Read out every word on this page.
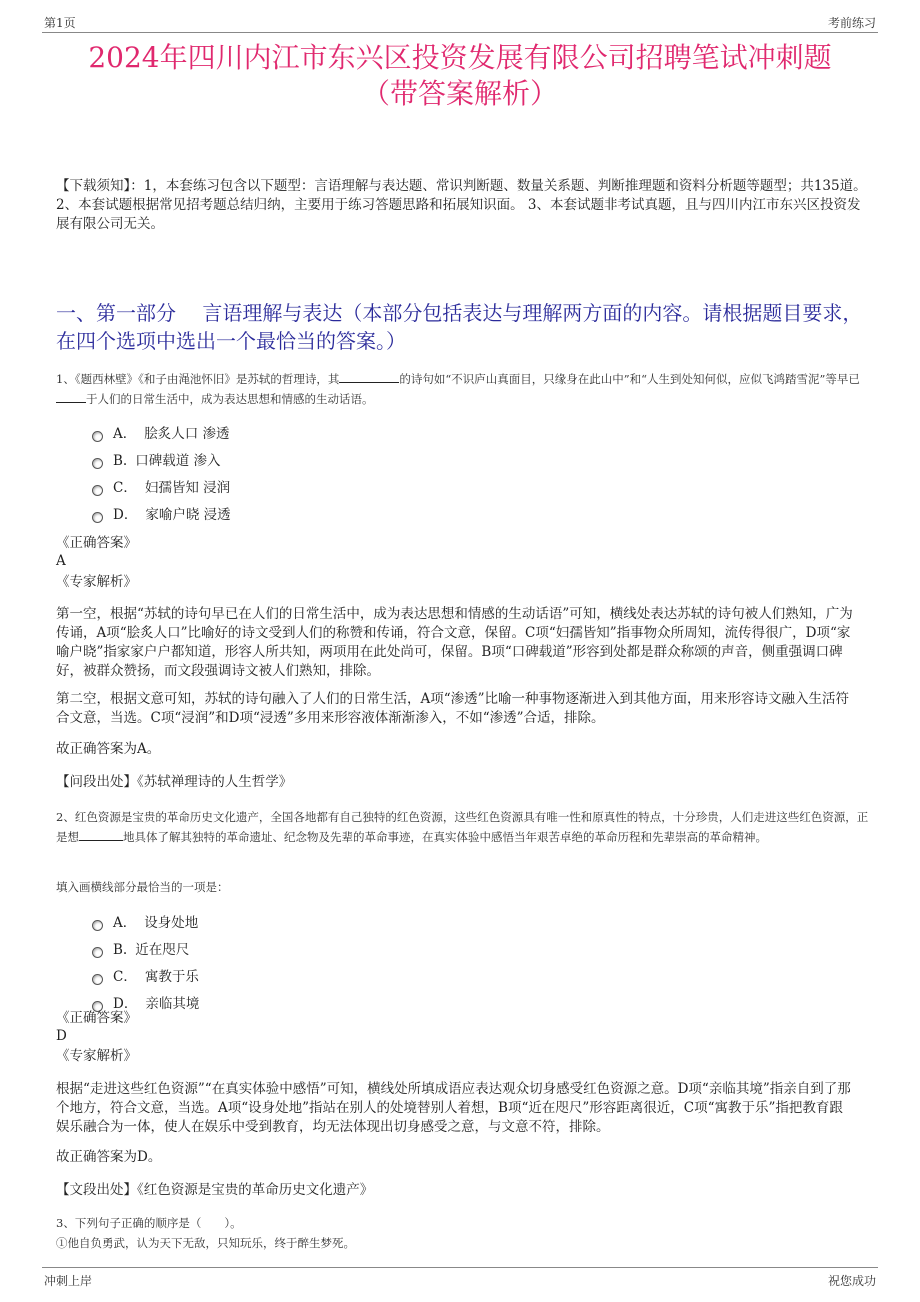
第1页	考前练习
2024年四川内江市东兴区投资发展有限公司招聘笔试冲刺题
（带答案解析）
【下载须知】：1，本套练习包含以下题型：言语理解与表达题、常识判断题、数量关系题、判断推理题和资料分析题等题型；共135道。 2、本套试题根据常见招考题总结归纳，主要用于练习答题思路和拓展知识面。 3、本套试题非考试真题，且与四川内江市东兴区投资发展有限公司无关。
一、第一部分　 言语理解与表达（本部分包括表达与理解两方面的内容。请根据题目要求，在四个选项中选出一个最恰当的答案。）
1、《题西林壁》《和子由渑池怀旧》是苏轼的哲理诗，其	的诗句如“不识庐山真面目，只缘身在此山中”和“人生到处知何似，应似飞鸿踏雪泥”等早已于人们的日常生活中，成为表达思想和情感的生动话语。
A． 脍炙人口 渗透
B. 口碑载道 渗入
C． 妇孺皆知 浸润
D． 家喻户晓 浸透
《正确答案》
A
《专家解析》
第一空，根据“苏轼的诗句早已在人们的日常生活中，成为表达思想和情感的生动话语”可知，横线处表达苏轼的诗句被人们熟知，广为传诵，A项“脍炙人口”比喻好的诗文受到人们的称赞和传诵，符合文意，保留。C项“妇孺皆知”指事物众所周知，流传得很广，D项“家喻户晓”指家家户户都知道，形容人所共知，两项用在此处尚可，保留。B项“口碑载道”形容到处都是群众称颂的声音，侧重强调口碑好，被群众赞扬，而文段强调诗文被人们熟知，排除。
第二空，根据文意可知，苏轼的诗句融入了人们的日常生活，A项“渗透”比喻一种事物逐渐进入到其他方面，用来形容诗文融入生活符合文意，当选。C项“浸润”和D项“浸透”多用来形容液体渐渐渗入，不如“渗透”合适，排除。
故正确答案为A。
【问段出处】《苏轼禅理诗的人生哲学》
2、红色资源是宝贵的革命历史文化遗产，全国各地都有自己独特的红色资源，这些红色资源具有唯一性和原真性的特点，十分珍贵，人们走进这些红色资源，正是想	地具体了解其独特的革命遗址、纪念物及先辈的革命事迹，在真实体验中感悟当年艰苦卓绝的革命历程和先辈崇高的革命精神。
填入画横线部分最恰当的一项是：
A． 设身处地
B. 近在咫尺
C． 寓教于乐
D． 亲临其境
《正确答案》
D
《专家解析》
根据“走进这些红色资源”“在真实体验中感悟”可知，横线处所填成语应表达观众切身感受红色资源之意。D项“亲临其境”指亲自到了那个地方，符合文意，当选。A项“设身处地”指站在别人的处境替别人着想，B项“近在咫尺”形容距离很近，C项“寓教于乐”指把教育跟娱乐融合为一体，使人在娱乐中受到教育，均无法体现出切身感受之意，与文意不符，排除。
故正确答案为D。
【文段出处】《红色资源是宝贵的革命历史文化遗产》
3、下列句子正确的顺序是（　　）。
①他自负勇武，认为天下无敌，只知玩乐，终于醉生梦死。
冲刺上岸	祝您成功
